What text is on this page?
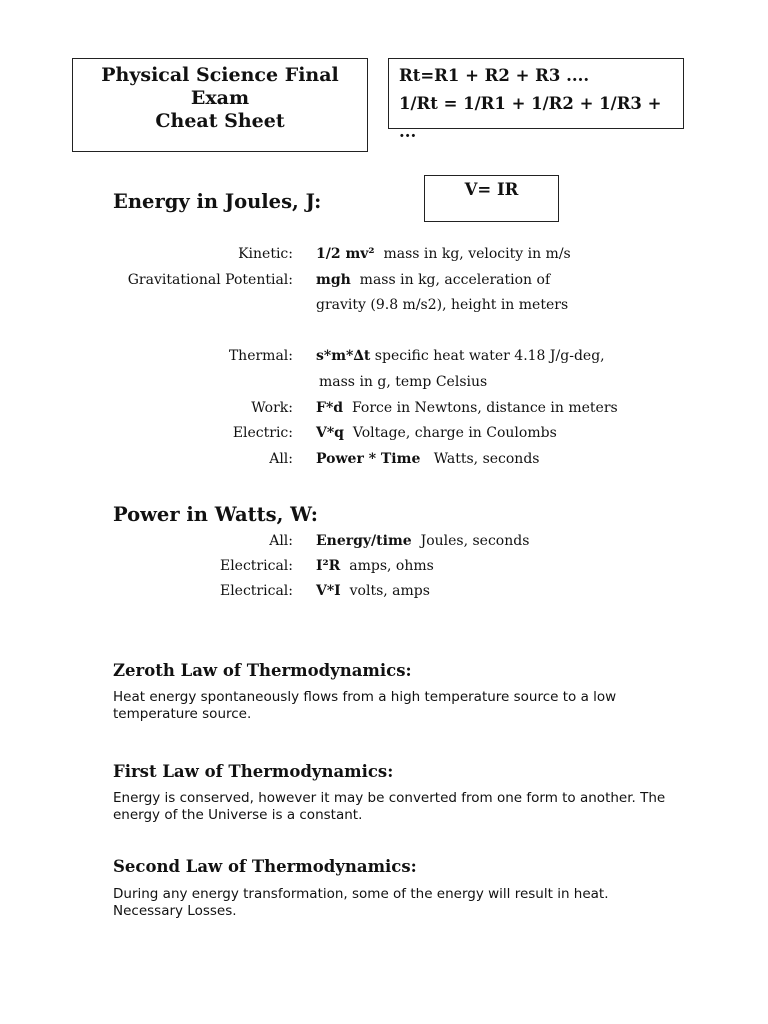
Physical Science Final
Exam
Cheat Sheet
Rt=R1 + R2 + R3 ....
1/Rt = 1/R1 + 1/R2 + 1/R3 + ...
V= IR
Energy in Joules, J:
Kinetic: 1/2 mv²  mass in kg, velocity in m/s
Gravitational Potential: mgh  mass in kg, acceleration of
gravity (9.8 m/s2), height in meters
Thermal: s*m*∆t specific heat water 4.18 J/g-deg,
mass in g, temp Celsius
Work: F*d  Force in Newtons, distance in meters
Electric: V*q  Voltage, charge in Coulombs
All: Power * Time   Watts, seconds
Power in Watts, W:
All: Energy/time  Joules, seconds
Electrical: I²R  amps, ohms
Electrical: V*I  volts, amps
Zeroth Law of Thermodynamics:
Heat energy spontaneously flows from a high temperature source to a low temperature source.
First Law of Thermodynamics:
Energy is conserved, however it may be converted from one form to another. The energy of the Universe is a constant.
Second Law of Thermodynamics:
During any energy transformation, some of the energy will result in heat. Necessary Losses.
